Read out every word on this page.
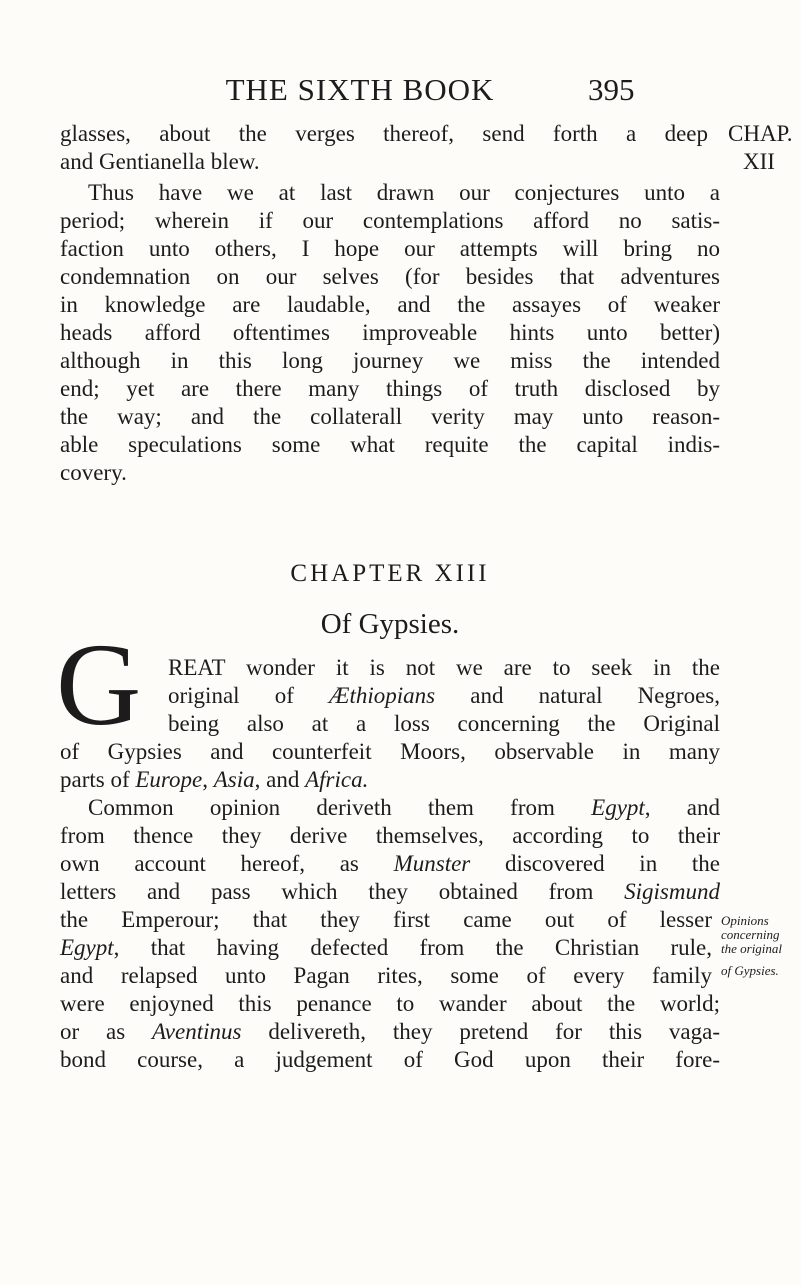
THE SIXTH BOOK	395
CHAP.
XII
glasses, about the verges thereof, send forth a deep
and Gentianella blew.
Thus have we at last drawn our conjectures unto a
period; wherein if our contemplations afford no satis-
faction unto others, I hope our attempts will bring no
condemnation on our selves (for besides that adventures
in knowledge are laudable, and the assayes of weaker
heads afford oftentimes improveable hints unto better)
although in this long journey we miss the intended
end; yet are there many things of truth disclosed by
the way; and the collaterall verity may unto reason-
able speculations some what requite the capital indis-
covery.
CHAPTER XIII
Of Gypsies.
G	REAT wonder it is not we are to seek in the
original of Æthiopians and natural Negroes,
being also at a loss concerning the Original
of Gypsies and counterfeit Moors, observable in many
parts of Europe, Asia, and Africa.
Common opinion deriveth them from Egypt, and
from thence they derive themselves, according to their
own account hereof, as Munster discovered in the
letters and pass which they obtained from Sigismund
the Emperour; that they first came out of lesser
Egypt, that having defected from the Christian rule,
and relapsed unto Pagan rites, some of every family
were enjoyned this penance to wander about the world;
or as Aventinus delivereth, they pretend for this vaga-
bond course, a judgement of God upon their fore-
Opinions
concerning
the original
of Gypsies.
